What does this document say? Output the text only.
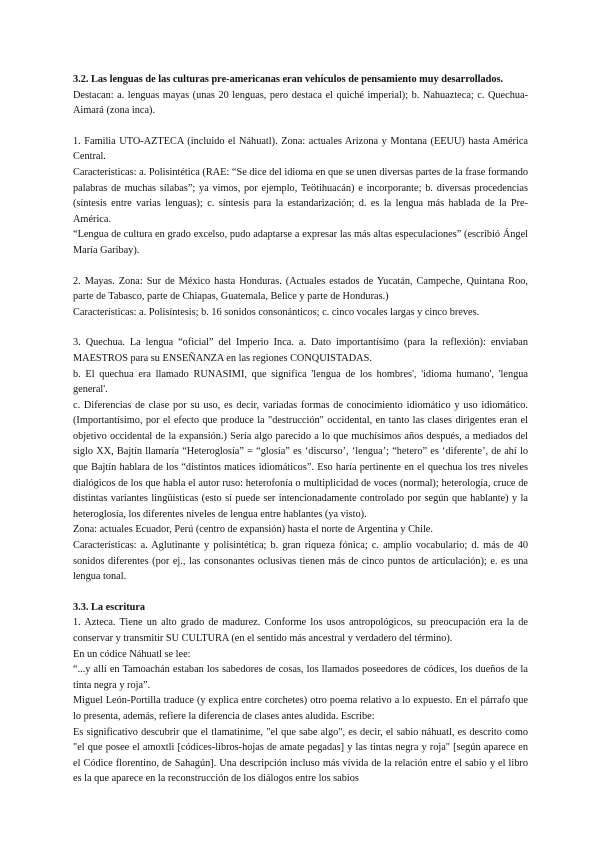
3.2. Las lenguas de las culturas pre-americanas eran vehículos de pensamiento muy desarrollados.

Destacan: a. lenguas mayas (unas 20 lenguas, pero destaca el quiché imperial); b. Nahuazteca; c. Quechua-Aimará (zona inca).

1. Familia UTO-AZTECA (incluido el Náhuatl). Zona: actuales Arizona y Montana (EEUU) hasta América Central.

Características: a. Polisintética (RAE: “Se dice del idioma en que se unen diversas partes de la frase formando palabras de muchas sílabas”; ya vimos, por ejemplo, Teötihuacán) e incorporante; b. diversas procedencias (síntesis entre varias lenguas); c. síntesis para la estandarización; d. es la lengua más hablada de la Pre-América.

“Lengua de cultura en grado excelso, pudo adaptarse a expresar las más altas especulaciones” (escribió Ángel María Garibay).

2. Mayas. Zona: Sur de México hasta Honduras. (Actuales estados de Yucatán, Campeche, Quintana Roo, parte de Tabasco, parte de Chiapas, Guatemala, Belice y parte de Honduras.)

Características: a. Polisíntesis; b. 16 sonidos consonánticos; c. cinco vocales largas y cinco breves.

3. Quechua. La lengua “oficial” del Imperio Inca. a. Dato importantísimo (para la reflexión): enviaban MAESTROS para su ENSEÑANZA en las regiones CONQUISTADAS.

b. El quechua era llamado RUNASIMI, que significa 'lengua de los hombres', 'idioma humano', 'lengua general'.

c. Diferencias de clase por su uso, es decir, variadas formas de conocimiento idiomático y uso idiomático. (Importantísimo, por el efecto que produce la "destrucción" occidental, en tanto las clases dirigentes eran el objetivo occidental de la expansión.) Sería algo parecido a lo que muchísimos años después, a mediados del siglo XX, Bajtín llamaría “Heteroglosía” = “glosía” es ‘discurso’, ‘lengua’; “hetero” es ‘diferente’, de ahí lo que Bajtín hablara de los “distintos matices idiomáticos”. Eso haría pertinente en el quechua los tres niveles dialógicos de los que habla el autor ruso: heterofonía o multiplicidad de voces (normal); heterología, cruce de distintas variantes lingüísticas (esto sí puede ser intencionadamente controlado por según que hablante) y la heteroglosía, los diferentes niveles de lengua entre hablantes (ya visto).

Zona: actuales Ecuador, Perú (centro de expansión) hasta el norte de Argentina y Chile.

Características: a. Aglutinante y polisintética; b. gran riqueza fónica; c. amplio vocabulario; d. más de 40 sonidos diferentes (por ej., las consonantes oclusivas tienen más de cinco puntos de articulación); e. es una lengua tonal.

3.3. La escritura

1. Azteca. Tiene un alto grado de madurez. Conforme los usos antropológicos, su preocupación era la de conservar y transmitir SU CULTURA (en el sentido más ancestral y verdadero del término).

En un códice Náhuatl se lee:

“...y allí en Tamoachán estaban los sabedores de cosas, los llamados poseedores de códices, los dueños de la tinta negra y roja”.

Miguel León-Portilla traduce (y explica entre corchetes) otro poema relativo a lo expuesto. En el párrafo que lo presenta, además, refiere la diferencia de clases antes aludida. Escribe:

Es significativo descubrir que el tlamatinime, "el que sabe algo", es decir, el sabio náhuatl, es descrito como "el que posee el amoxtli [códices-libros-hojas de amate pegadas] y las tintas negra y roja" [según aparece en el Códice florentino, de Sahagún]. Una descripción incluso más vívida de la relación entre el sabio y el libro es la que aparece en la reconstrucción de los diálogos entre los sabios
